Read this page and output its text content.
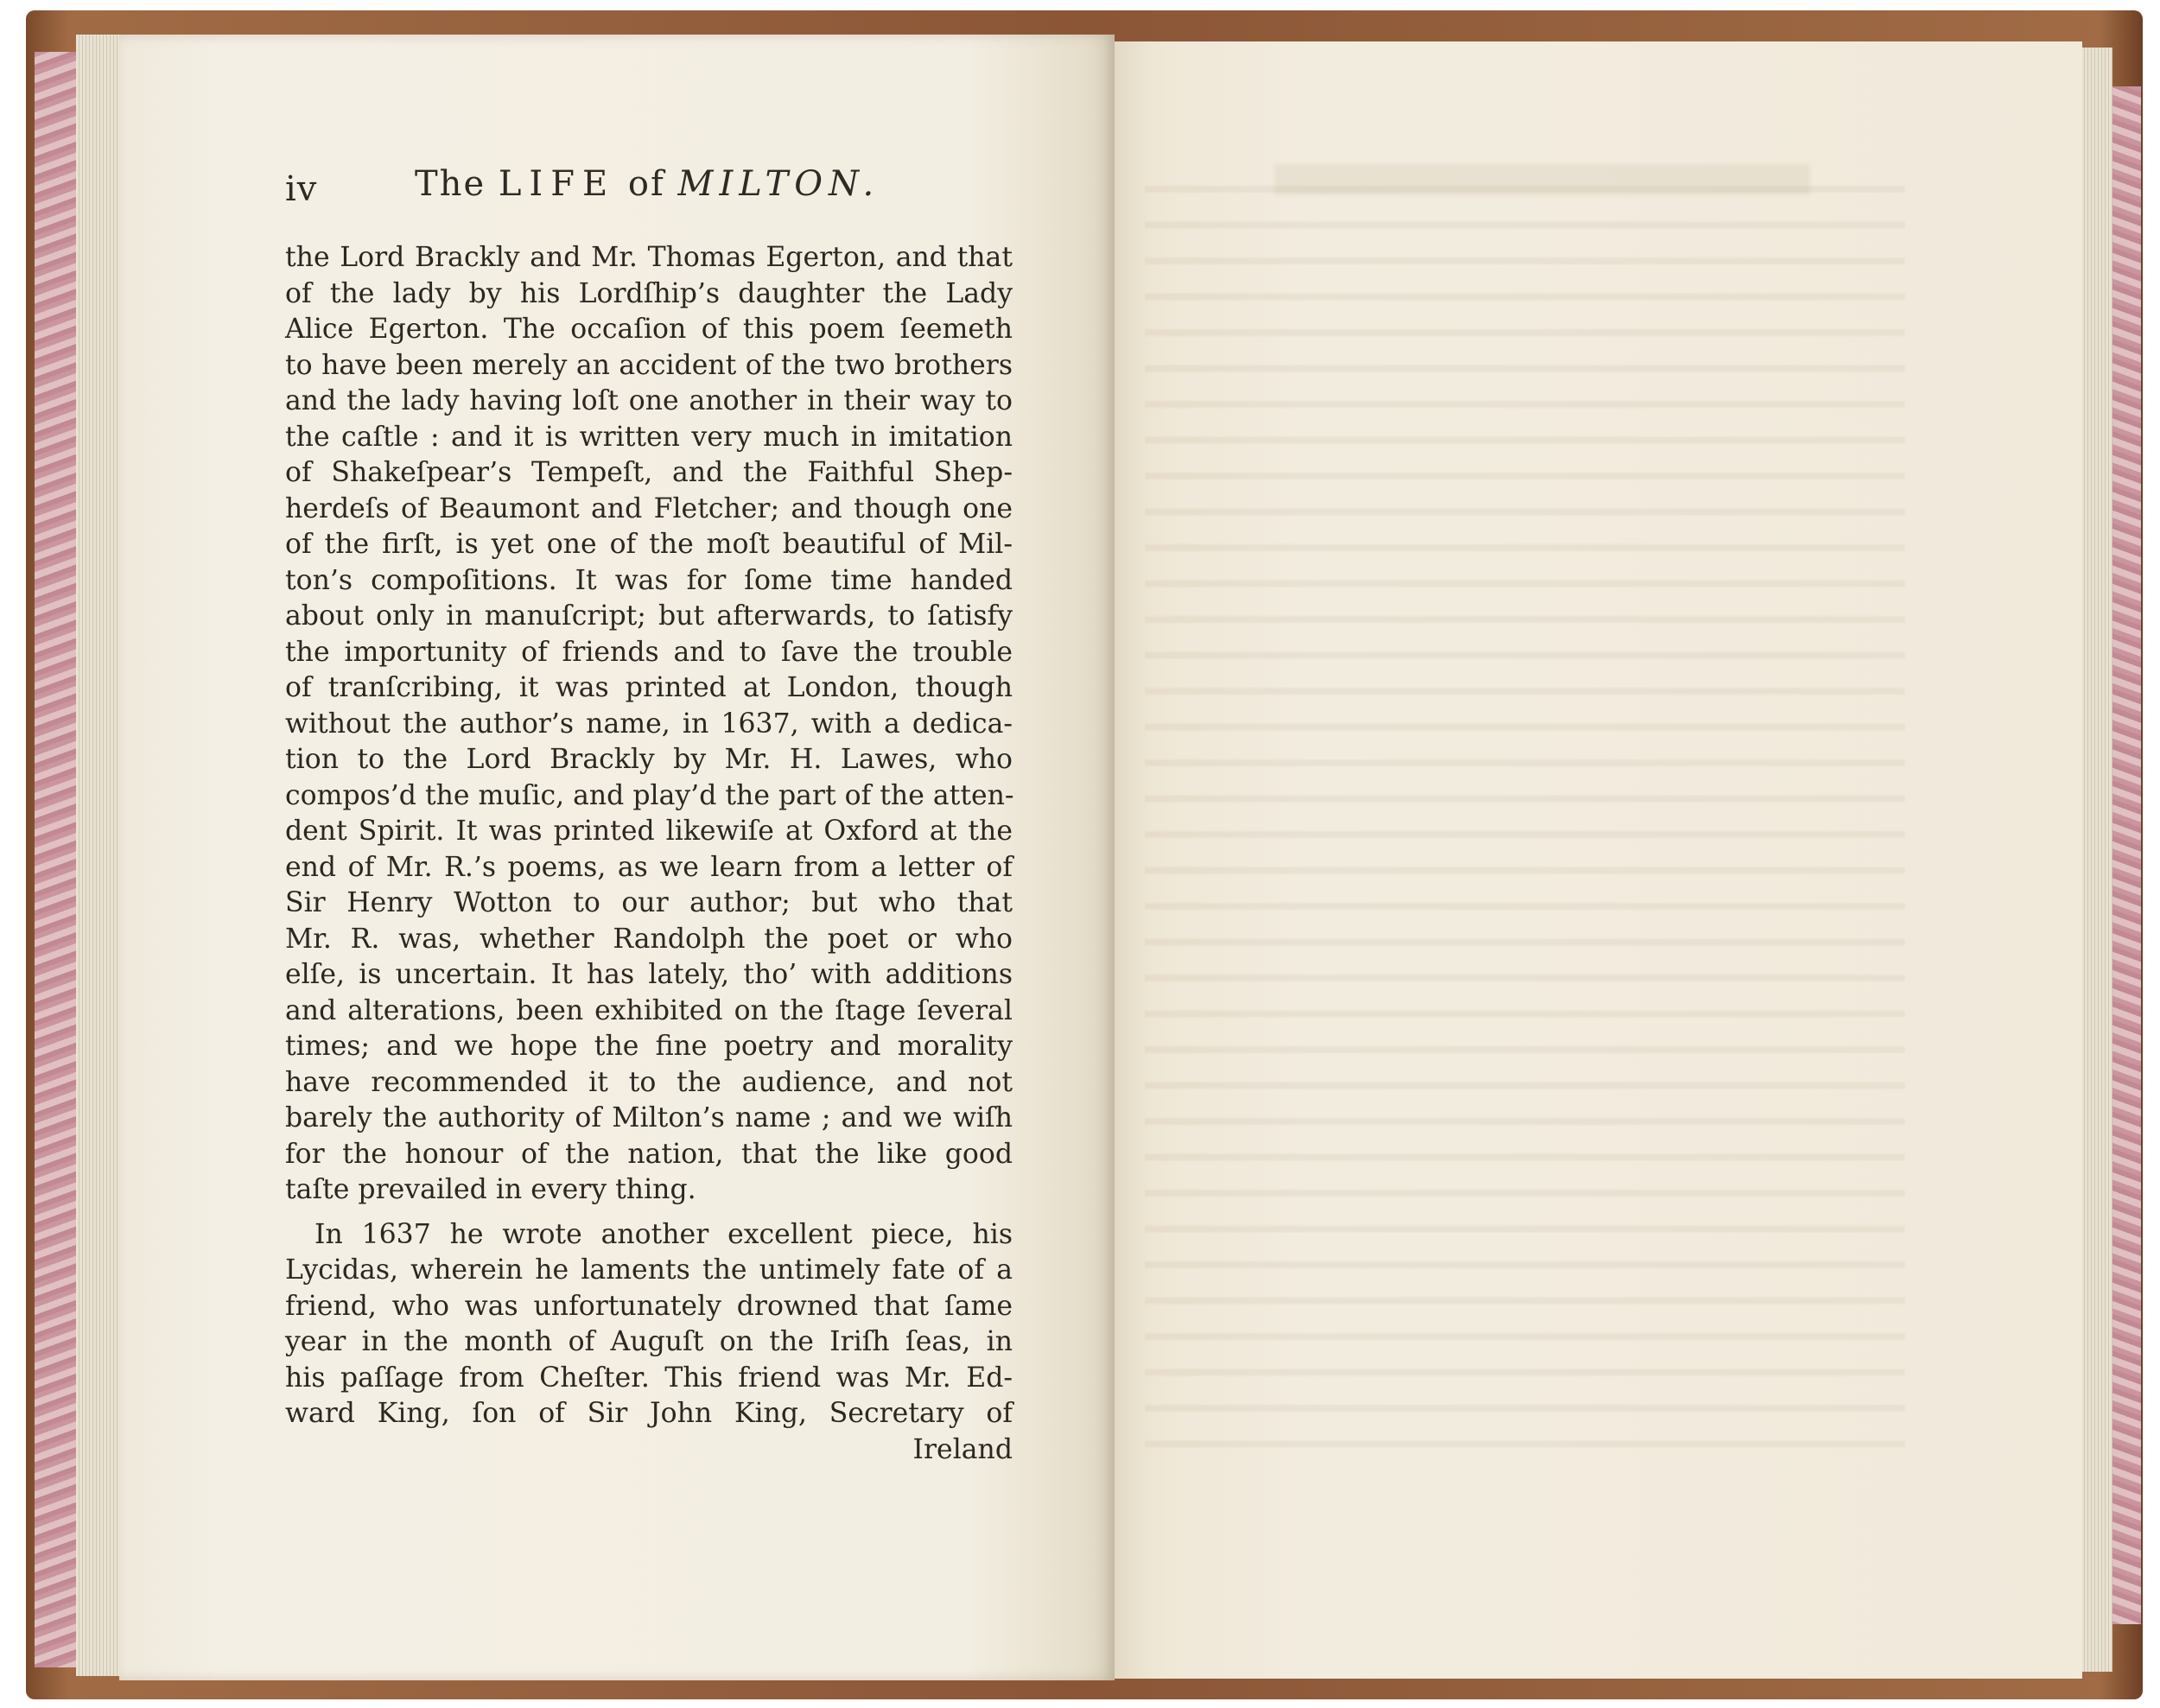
iv	The LIFE of MILTON.
the Lord Brackly and Mr. Thomas Egerton, and that
of the lady by his Lordſhip’s daughter the Lady
Alice Egerton. The occaſion of this poem ſeemeth
to have been merely an accident of the two brothers
and the lady having loſt one another in their way to
the caſtle : and it is written very much in imitation
of Shakeſpear’s Tempeſt, and the Faithful Shep-
herdeſs of Beaumont and Fletcher; and though one
of the firſt, is yet one of the moſt beautiful of Mil-
ton’s compoſitions. It was for ſome time handed
about only in manuſcript; but afterwards, to ſatisfy
the importunity of friends and to ſave the trouble
of tranſcribing, it was printed at London, though
without the author’s name, in 1637, with a dedica-
tion to the Lord Brackly by Mr. H. Lawes, who
compos’d the muſic, and play’d the part of the atten-
dent Spirit. It was printed likewiſe at Oxford at the
end of Mr. R.’s poems, as we learn from a letter of
Sir Henry Wotton to our author; but who that
Mr. R. was, whether Randolph the poet or who
elſe, is uncertain. It has lately, tho’ with additions
and alterations, been exhibited on the ſtage ſeveral
times; and we hope the fine poetry and morality
have recommended it to the audience, and not
barely the authority of Milton’s name ; and we wiſh
for the honour of the nation, that the like good
taſte prevailed in every thing.
In 1637 he wrote another excellent piece, his
Lycidas, wherein he laments the untimely fate of a
friend, who was unfortunately drowned that ſame
year in the month of Auguſt on the Iriſh ſeas, in
his paſſage from Cheſter. This friend was Mr. Ed-
ward King, ſon of Sir John King, Secretary of
Ireland
